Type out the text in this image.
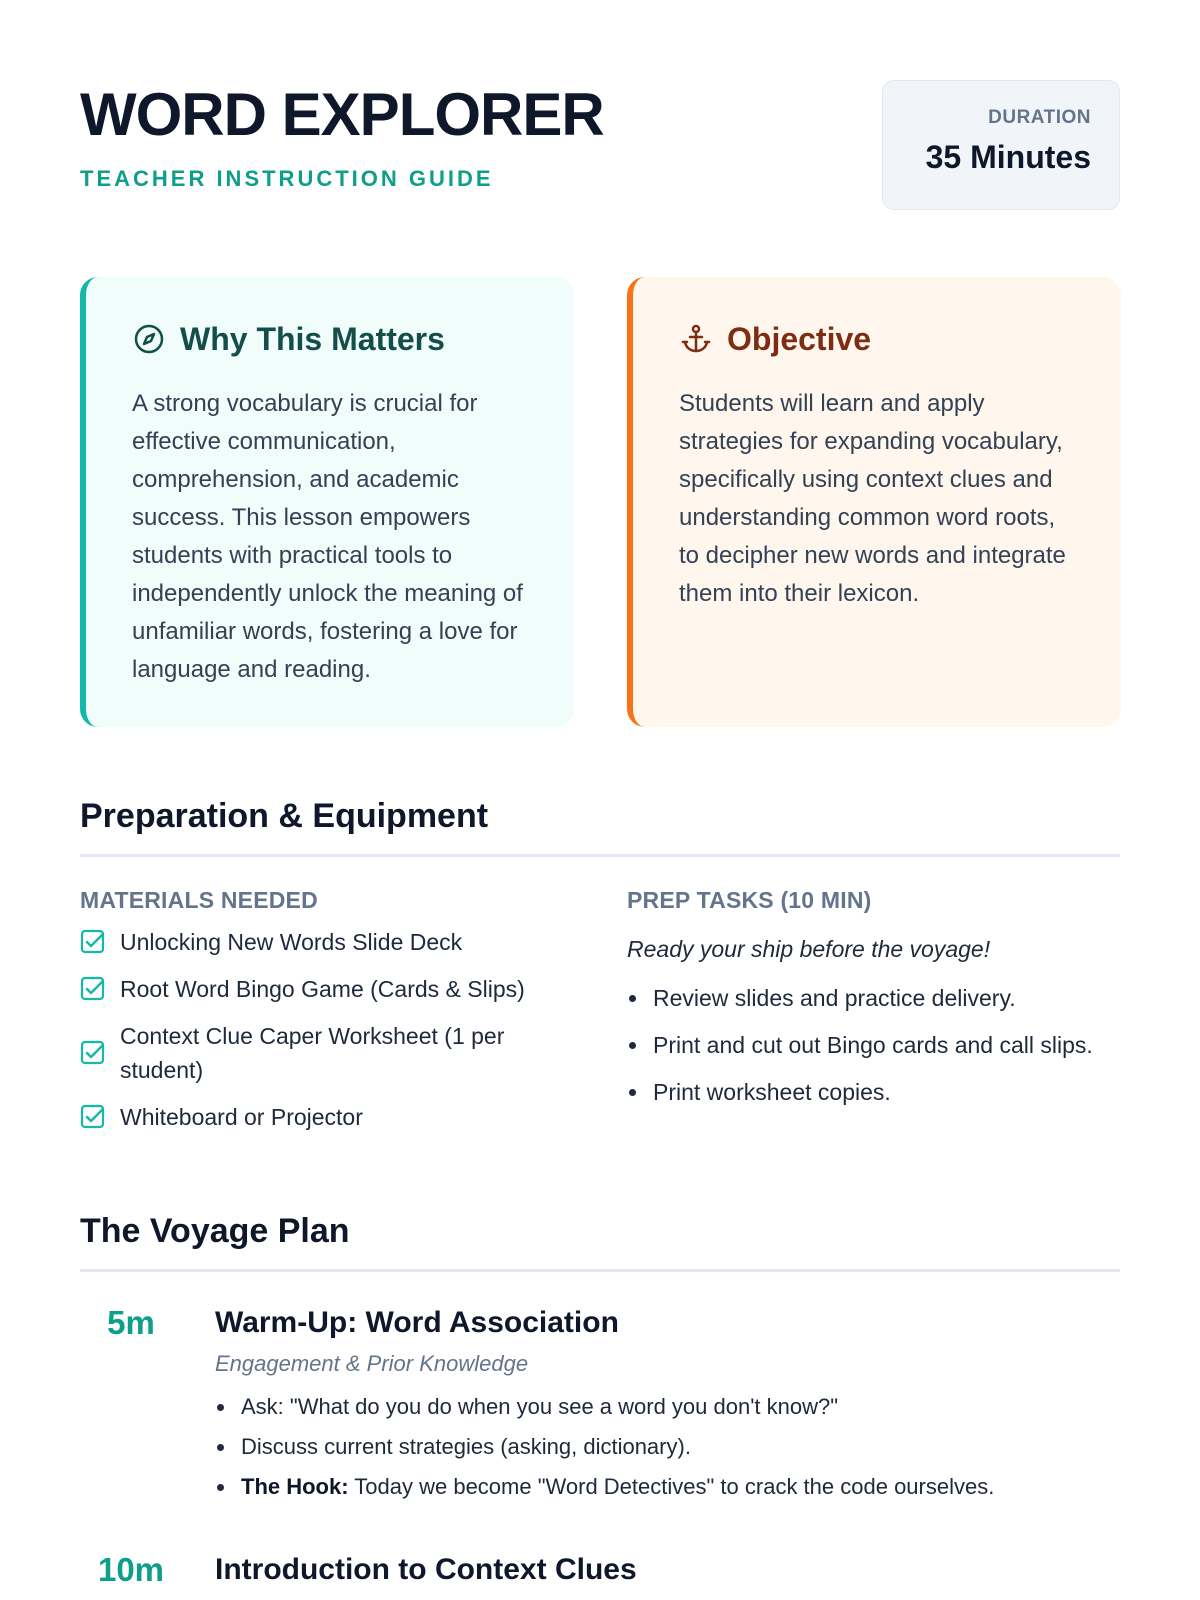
WORD EXPLORER
TEACHER INSTRUCTION GUIDE
DURATION
35 Minutes
Why This Matters

A strong vocabulary is crucial for effective communication, comprehension, and academic success. This lesson empowers students with practical tools to independently unlock the meaning of unfamiliar words, fostering a love for language and reading.

Objective

Students will learn and apply strategies for expanding vocabulary, specifically using context clues and understanding common word roots, to decipher new words and integrate them into their lexicon.

Preparation & Equipment
MATERIALS NEEDED
Unlocking New Words Slide Deck
Root Word Bingo Game (Cards & Slips)
Context Clue Caper Worksheet (1 per student)
Whiteboard or Projector
PREP TASKS (10 MIN)

Ready your ship before the voyage!

Review slides and practice delivery.
Print and cut out Bingo cards and call slips.
Print worksheet copies.
The Voyage Plan
5m	Warm-Up: Word Association
Engagement & Prior Knowledge
Ask: "What do you do when you see a word you don't know?"
Discuss current strategies (asking, dictionary).
The Hook: Today we become "Word Detectives" to crack the code ourselves.
10m	Introduction to Context Clues
